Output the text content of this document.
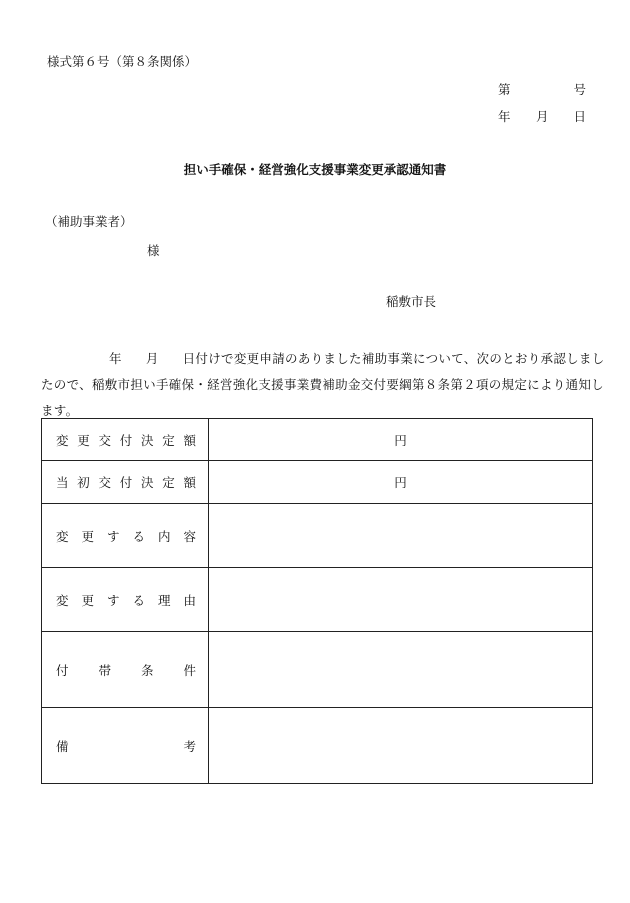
様式第６号（第８条関係）
第	号
年 月 日
担い手確保・経営強化支援事業変更承認通知書
（補助事業者）
様
稲敷市長
年 月 日付けで変更申請のありました補助事業について、次のとおり承認しまし
たので、稲敷市担い手確保・経営強化支援事業費補助金交付要綱第８条第２項の規定により通知し
ます。
変更交付決定額	円
当初交付決定額	円
変更する内容	
変更する理由	
付帯条件	
備考	
